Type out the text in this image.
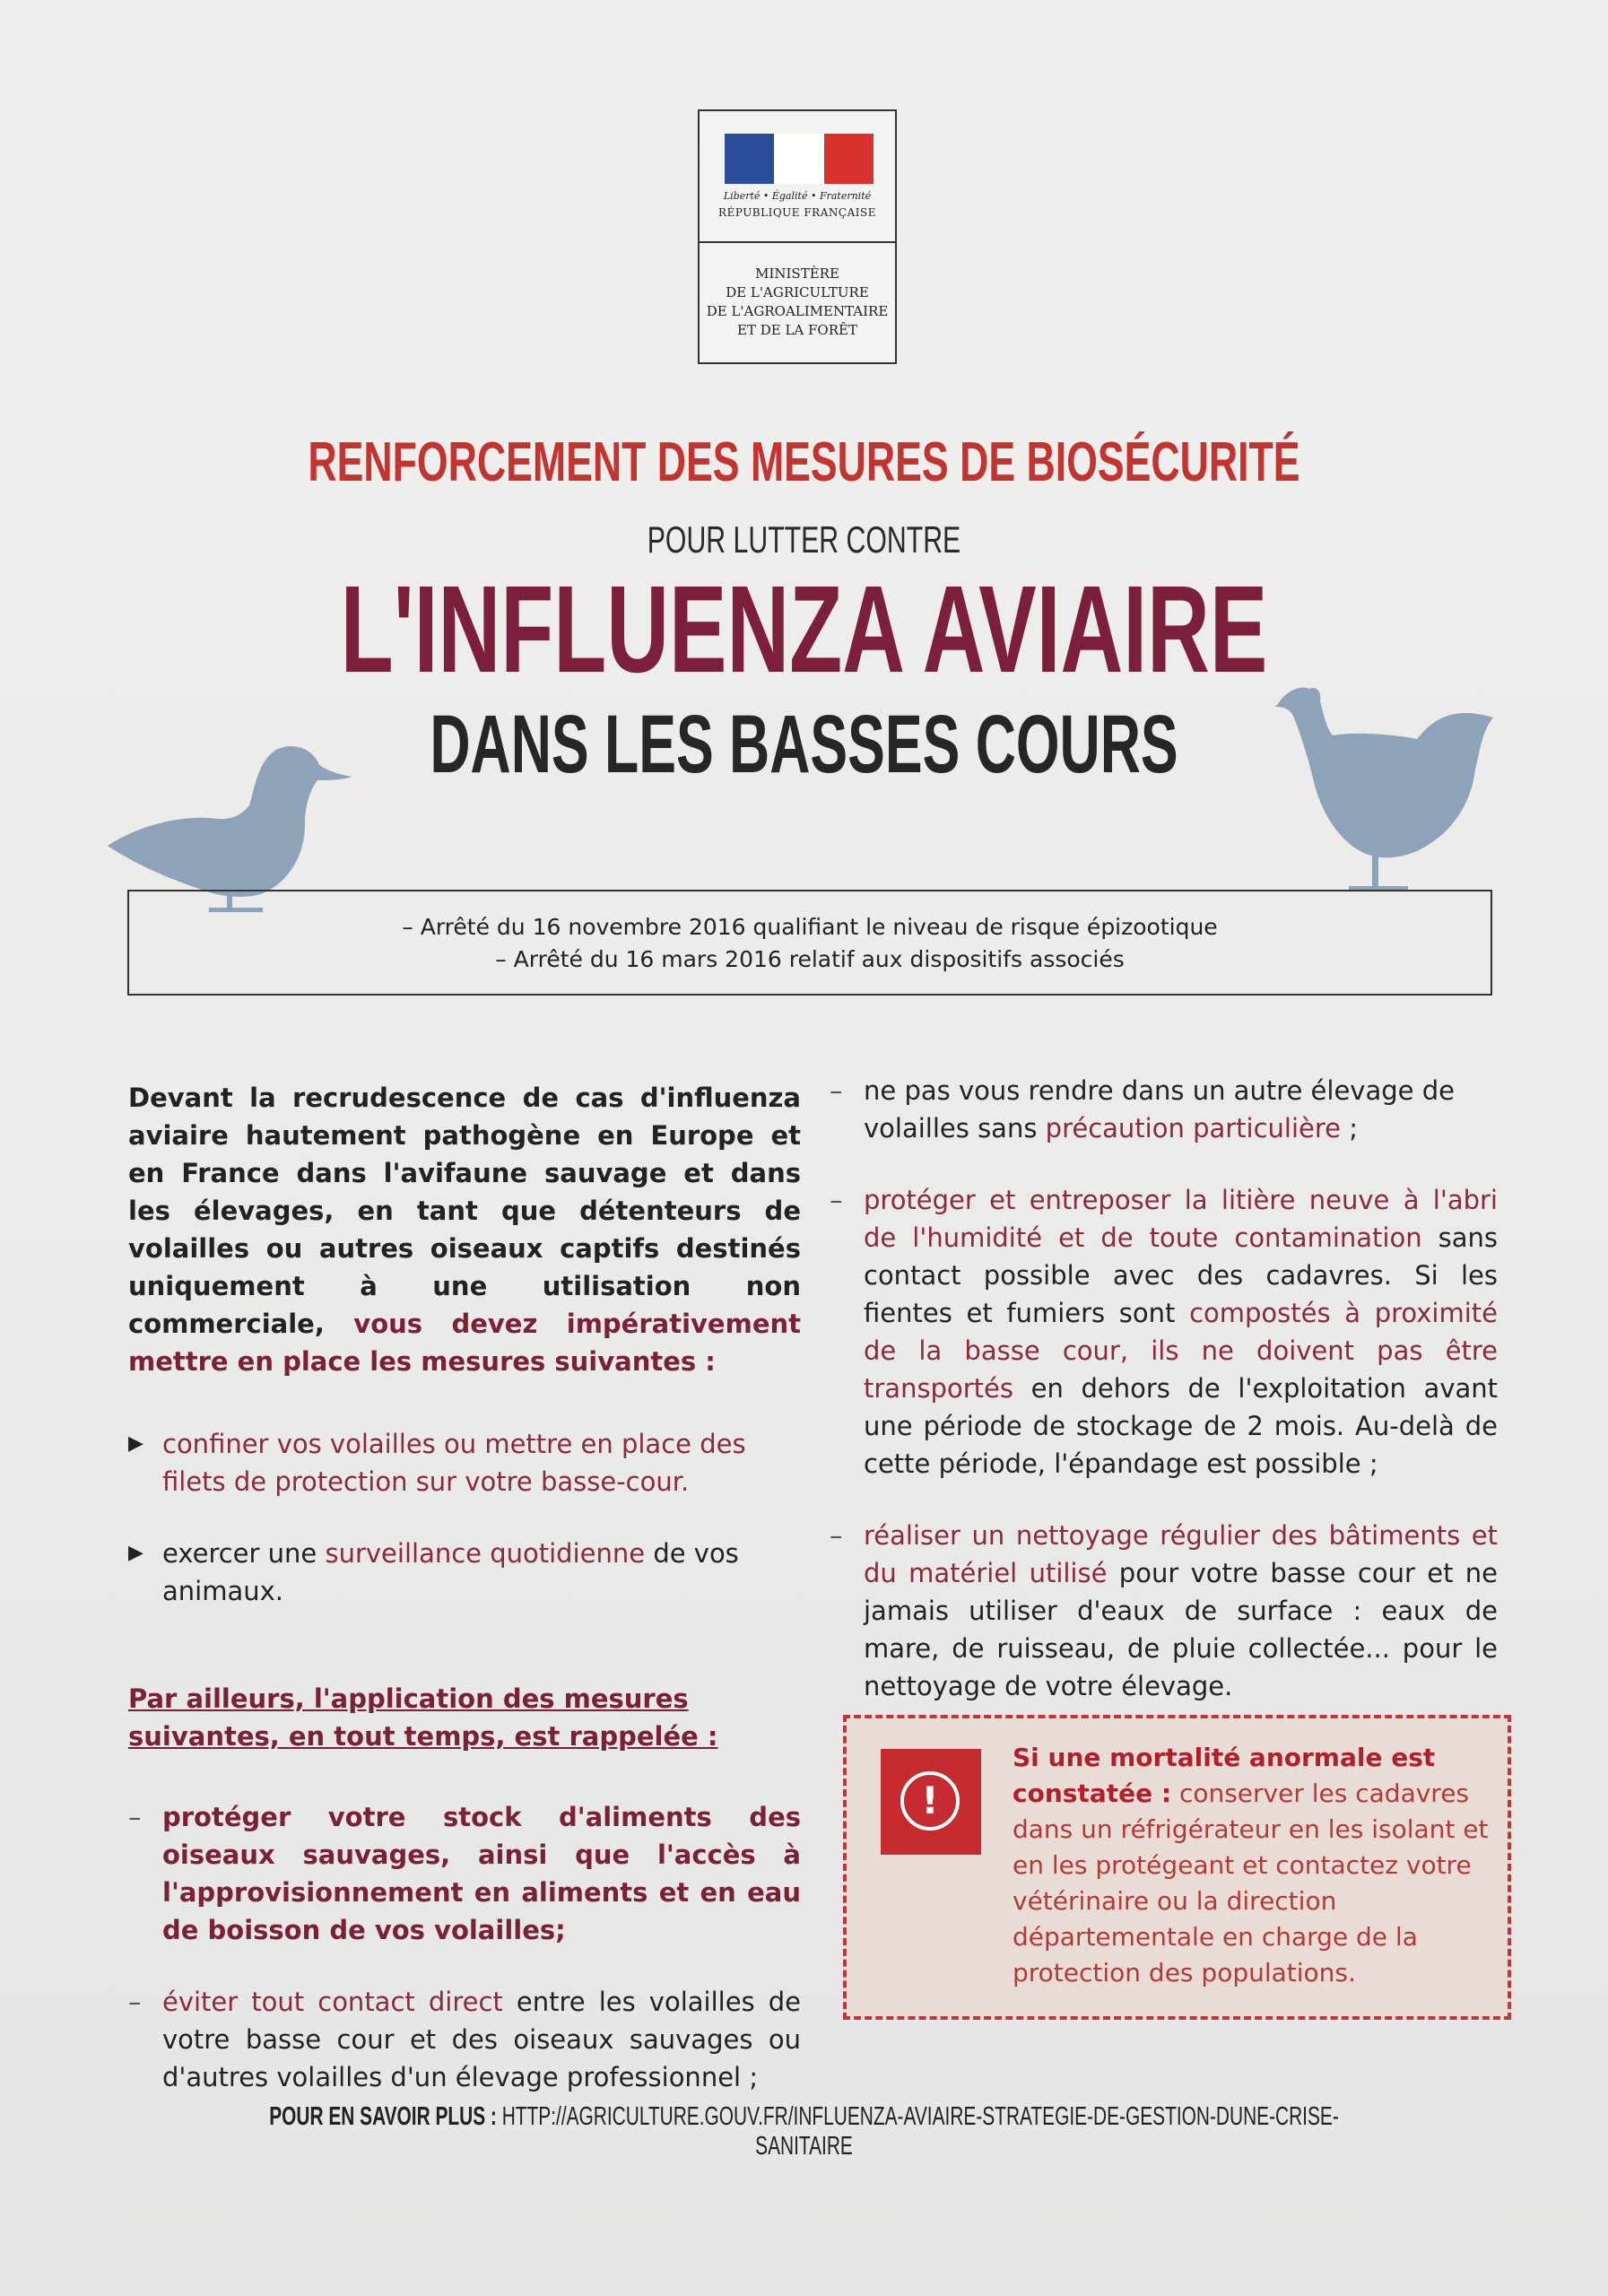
Liberté • Égalité • Fraternité
RÉPUBLIQUE FRANÇAISE
MINISTÈRE
DE L'AGRICULTURE
DE L'AGROALIMENTAIRE
ET DE LA FORÊT
RENFORCEMENT DES MESURES DE BIOSÉCURITÉ
POUR LUTTER CONTRE
L'INFLUENZA AVIAIRE
DANS LES BASSES COURS
– Arrêté du 16 novembre 2016 qualifiant le niveau de risque épizootique
– Arrêté du 16 mars 2016 relatif aux dispositifs associés
Devant la recrudescence de cas d'influenza aviaire hautement pathogène en Europe et en France dans l'avifaune sauvage et dans les élevages, en tant que détenteurs de volailles ou autres oiseaux captifs destinés uniquement à une utilisation non commerciale, vous devez impérativement mettre en place les mesures suivantes :
▶ confiner vos volailles ou mettre en place des filets de protection sur votre basse-cour.
▶ exercer une surveillance quotidienne de vos animaux.
Par ailleurs, l'application des mesures suivantes, en tout temps, est rappelée :
– protéger votre stock d'aliments des oiseaux sauvages, ainsi que l'accès à l'approvisionnement en aliments et en eau de boisson de vos volailles;
– éviter tout contact direct entre les volailles de votre basse cour et des oiseaux sauvages ou d'autres volailles d'un élevage professionnel ;
– ne pas vous rendre dans un autre élevage de volailles sans précaution particulière ;
– protéger et entreposer la litière neuve à l'abri de l'humidité et de toute contamination sans contact possible avec des cadavres. Si les fientes et fumiers sont compostés à proximité de la basse cour, ils ne doivent pas être transportés en dehors de l'exploitation avant une période de stockage de 2 mois. Au-delà de cette période, l'épandage est possible ;
– réaliser un nettoyage régulier des bâtiments et du matériel utilisé pour votre basse cour et ne jamais utiliser d'eaux de surface : eaux de mare, de ruisseau, de pluie collectée... pour le nettoyage de votre élevage.
!
Si une mortalité anormale est constatée : conserver les cadavres dans un réfrigérateur en les isolant et en les protégeant et contactez votre vétérinaire ou la direction départementale en charge de la protection des populations.
POUR EN SAVOIR PLUS : HTTP://AGRICULTURE.GOUV.FR/INFLUENZA-AVIAIRE-STRATEGIE-DE-GESTION-DUNE-CRISE-SANITAIRE
